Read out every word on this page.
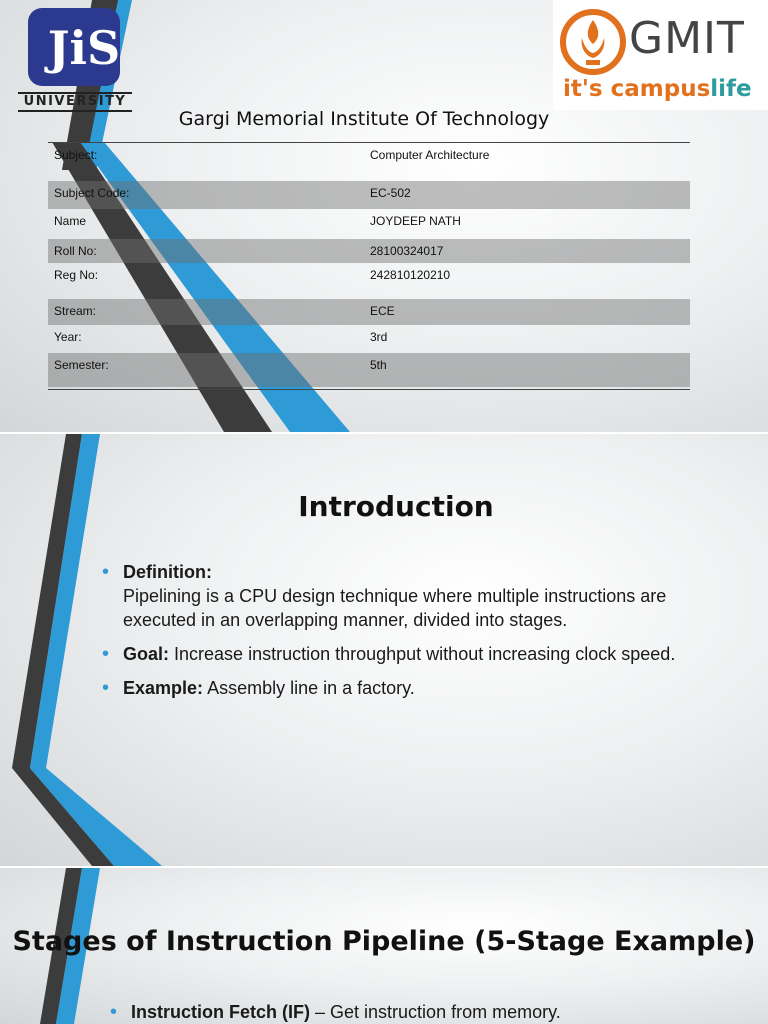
JiS
UNIVERSITY
GMIT
it's campuslife
Gargi Memorial Institute Of Technology
Subject:	Computer Architecture
Subject Code:	EC-502
Name	JOYDEEP NATH
Roll No:	28100324017
Reg No:	242810120210
Stream:	ECE
Year:	3rd
Semester:	5th
Introduction
• Definition:
Pipelining is a CPU design technique where multiple instructions are executed in an overlapping manner, divided into stages.
• Goal: Increase instruction throughput without increasing clock speed.
• Example: Assembly line in a factory.
Stages of Instruction Pipeline (5-Stage Example)
• Instruction Fetch (IF) – Get instruction from memory.
